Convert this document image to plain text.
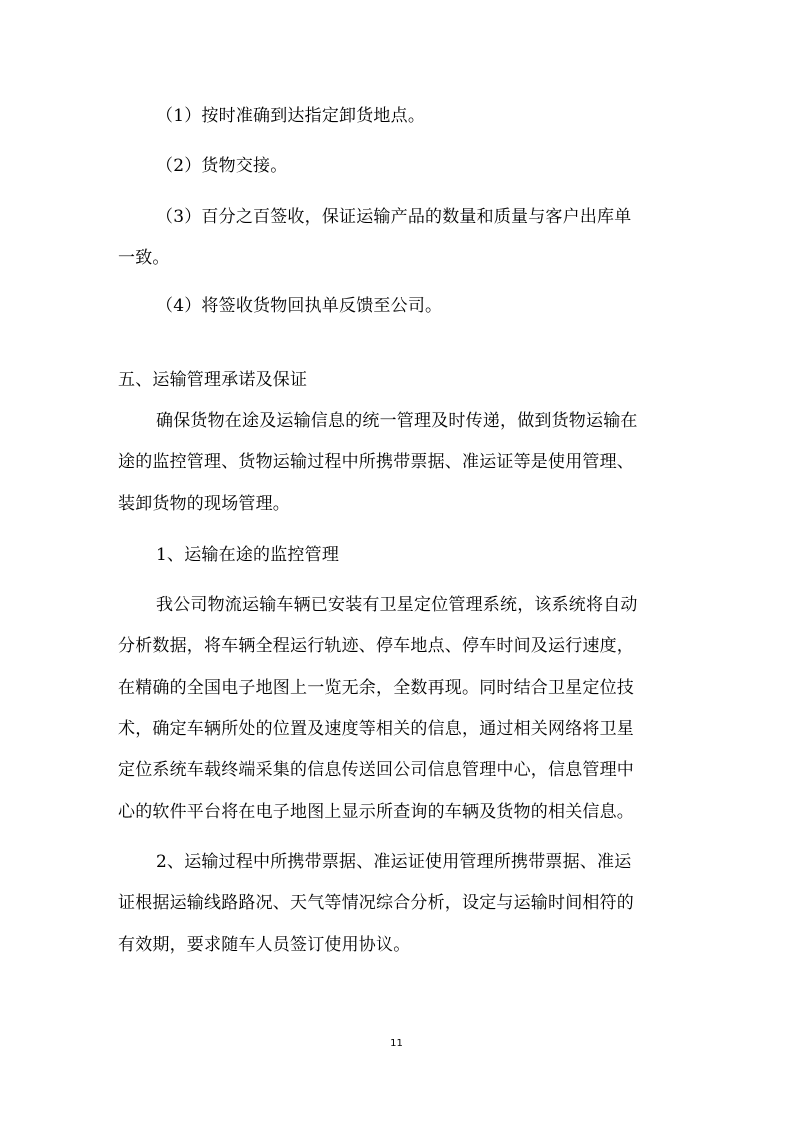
（1）按时准确到达指定卸货地点。
（2）货物交接。
（3）百分之百签收，保证运输产品的数量和质量与客户出库单
一致。
（4）将签收货物回执单反馈至公司。
五、运输管理承诺及保证
确保货物在途及运输信息的统一管理及时传递，做到货物运输在
途的监控管理、货物运输过程中所携带票据、准运证等是使用管理、
装卸货物的现场管理。
1、运输在途的监控管理
我公司物流运输车辆已安装有卫星定位管理系统，该系统将自动
分析数据，将车辆全程运行轨迹、停车地点、停车时间及运行速度，
在精确的全国电子地图上一览无余，全数再现。同时结合卫星定位技
术，确定车辆所处的位置及速度等相关的信息，通过相关网络将卫星
定位系统车载终端采集的信息传送回公司信息管理中心，信息管理中
心的软件平台将在电子地图上显示所查询的车辆及货物的相关信息。
2、运输过程中所携带票据、准运证使用管理所携带票据、准运
证根据运输线路路况、天气等情况综合分析，设定与运输时间相符的
有效期，要求随车人员签订使用协议。
11
